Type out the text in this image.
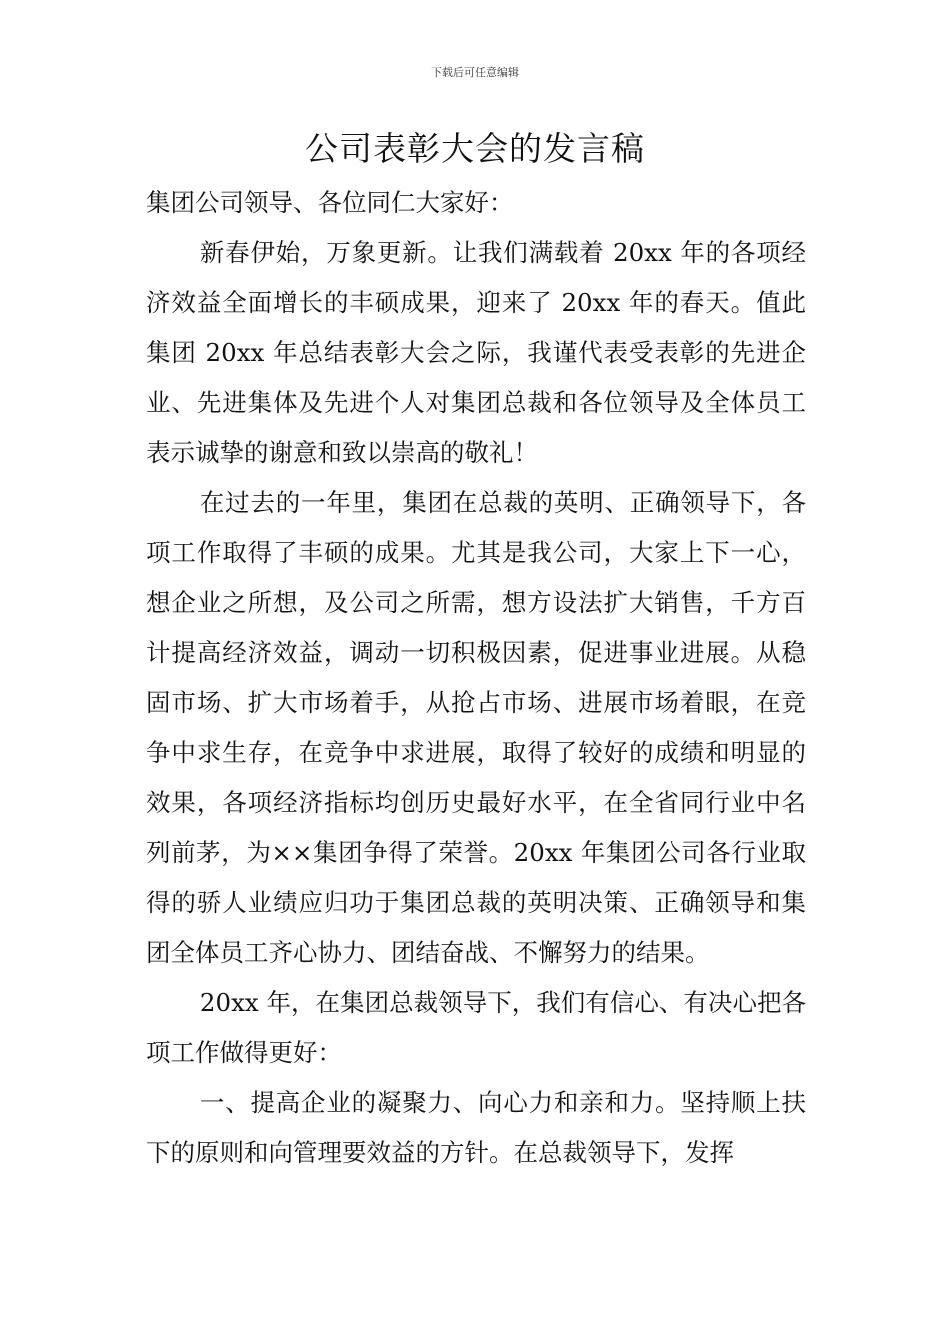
下载后可任意编辑
公司表彰大会的发言稿

集团公司领导、各位同仁大家好：

新春伊始，万象更新。让我们满载着 20xx 年的各项经济效益全面增长的丰硕成果，迎来了 20xx 年的春天。值此集团 20xx 年总结表彰大会之际，我谨代表受表彰的先进企业、先进集体及先进个人对集团总裁和各位领导及全体员工表示诚挚的谢意和致以崇高的敬礼！

在过去的一年里，集团在总裁的英明、正确领导下，各项工作取得了丰硕的成果。尤其是我公司，大家上下一心，想企业之所想，及公司之所需，想方设法扩大销售，千方百计提高经济效益，调动一切积极因素，促进事业进展。从稳固市场、扩大市场着手，从抢占市场、进展市场着眼，在竞争中求生存，在竞争中求进展，取得了较好的成绩和明显的效果，各项经济指标均创历史最好水平，在全省同行业中名列前茅，为××集团争得了荣誉。20xx 年集团公司各行业取得的骄人业绩应归功于集团总裁的英明决策、正确领导和集团全体员工齐心协力、团结奋战、不懈努力的结果。

20xx 年，在集团总裁领导下，我们有信心、有决心把各项工作做得更好：

一、提高企业的凝聚力、向心力和亲和力。坚持顺上扶下的原则和向管理要效益的方针。在总裁领导下，发挥
